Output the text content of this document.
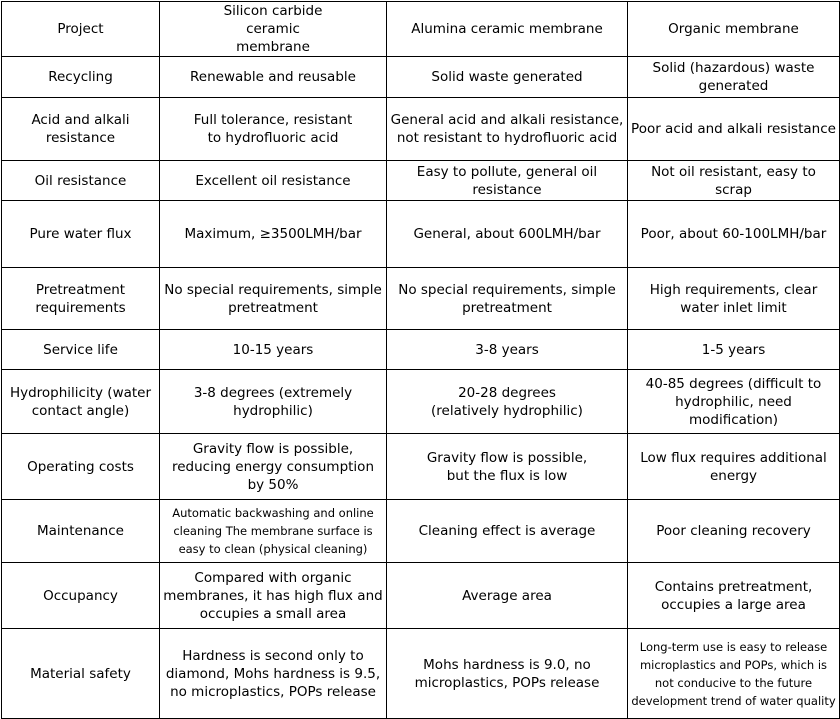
Project	Silicon carbide ceramic membrane	Alumina ceramic membrane	Organic membrane
Recycling	Renewable and reusable	Solid waste generated	Solid (hazardous) waste generated
Acid and alkali resistance	Full tolerance, resistant to hydrofluoric acid	General acid and alkali resistance, not resistant to hydrofluoric acid	Poor acid and alkali resistance
Oil resistance	Excellent oil resistance	Easy to pollute, general oil resistance	Not oil resistant, easy to scrap
Pure water flux	Maximum, ≥3500LMH/bar	General, about 600LMH/bar	Poor, about 60-100LMH/bar
Pretreatment requirements	No special requirements, simple pretreatment	No special requirements, simple pretreatment	High requirements, clear water inlet limit
Service life	10-15 years	3-8 years	1-5 years
Hydrophilicity (water contact angle)	3-8 degrees (extremely hydrophilic)	20-28 degrees (relatively hydrophilic)	40-85 degrees (difficult to hydrophilic, need modification)
Operating costs	Gravity flow is possible, reducing energy consumption by 50%	Gravity flow is possible, but the flux is low	Low flux requires additional energy
Maintenance	Automatic backwashing and online cleaning The membrane surface is easy to clean (physical cleaning)	Cleaning effect is average	Poor cleaning recovery
Occupancy	Compared with organic membranes, it has high flux and occupies a small area	Average area	Contains pretreatment, occupies a large area
Material safety	Hardness is second only to diamond, Mohs hardness is 9.5, no microplastics, POPs release	Mohs hardness is 9.0, no microplastics, POPs release	Long-term use is easy to release microplastics and POPs, which is not conducive to the future development trend of water quality
